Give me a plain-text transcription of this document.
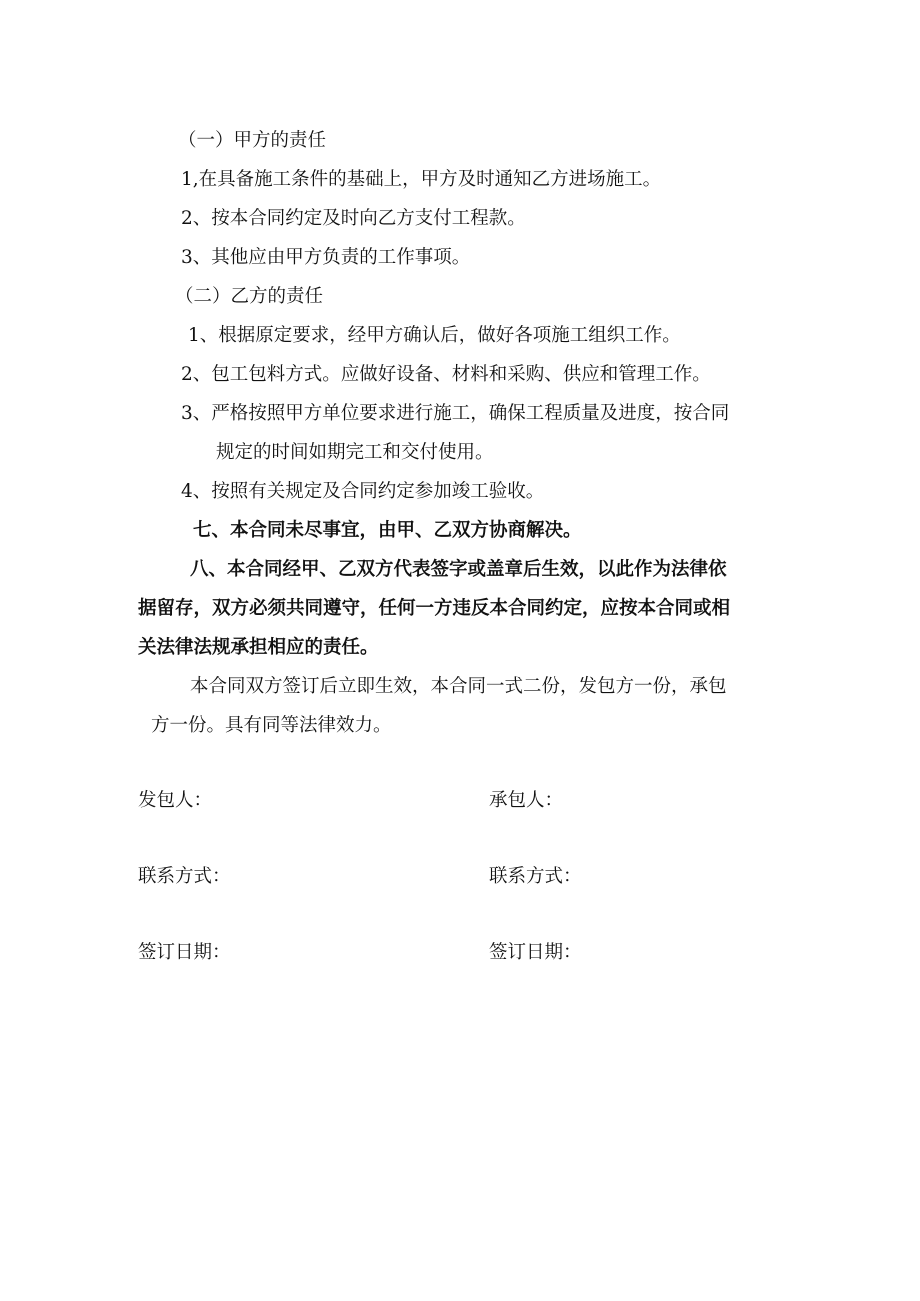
（一）甲方的责任

1,在具备施工条件的基础上，甲方及时通知乙方进场施工。

2、按本合同约定及时向乙方支付工程款。

3、其他应由甲方负责的工作事项。

（二）乙方的责任

1、根据原定要求，经甲方确认后，做好各项施工组织工作。

2、包工包料方式。应做好设备、材料和采购、供应和管理工作。

3、严格按照甲方单位要求进行施工，确保工程质量及进度，按合同

规定的时间如期完工和交付使用。

4、按照有关规定及合同约定参加竣工验收。

七、本合同未尽事宜，由甲、乙双方协商解决。

八、本合同经甲、乙双方代表签字或盖章后生效，以此作为法律依

据留存，双方必须共同遵守，任何一方违反本合同约定，应按本合同或相

关法律法规承担相应的责任。

本合同双方签订后立即生效，本合同一式二份，发包方一份，承包

方一份。具有同等法律效力。

发包人：	承包人：

联系方式：	联系方式：

签订日期：	签订日期：
